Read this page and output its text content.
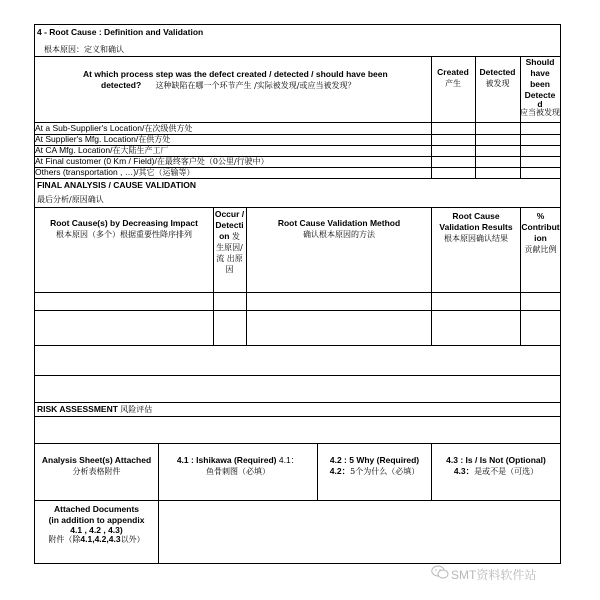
4 - Root Cause : Definition and Validation
根本原因：定义和确认
At which process step was the defect created / detected / should have been
detected? 这种缺陷在哪一个环节产生 /实际被发现/或应当被发现？
Created
产生
Detected
被发现
Should
have
been
Detecte
d
应当被发现
At a Sub-Supplier's Location/在次级供方处
At Supplier's Mfg. Location/在供方处
At CA Mfg. Location/在大陆生产工厂
At Final customer (0 Km / Field)/在最终客户处（0公里/行驶中）
Others (transportation , …)/其它（运输等）
FINAL ANALYSIS / CAUSE VALIDATION
最后分析/原因确认
Root Cause(s) by Decreasing Impact
根本原因（多个）根据重要性降序排列
Occur /
Detecti
on 发
生原因/
流 出原
因
Root Cause Validation Method
确认根本原因的方法
Root Cause
Validation Results
根本原因确认结果
%
Contribut
ion
贡献比例
RISK ASSESSMENT 风险评估
Analysis Sheet(s) Attached
分析表格附件
4.1 : Ishikawa (Required) 4.1：
鱼骨刺图（必填）
4.2 : 5 Why (Required)
4.2：5个为什么（必填）
4.3 : Is / Is Not (Optional)
4.3：是或不是（可选）
Attached Documents
(in addition to appendix
4.1 , 4.2 , 4.3)
附件（除4.1,4.2,4.3以外）
SMT资料软件站
